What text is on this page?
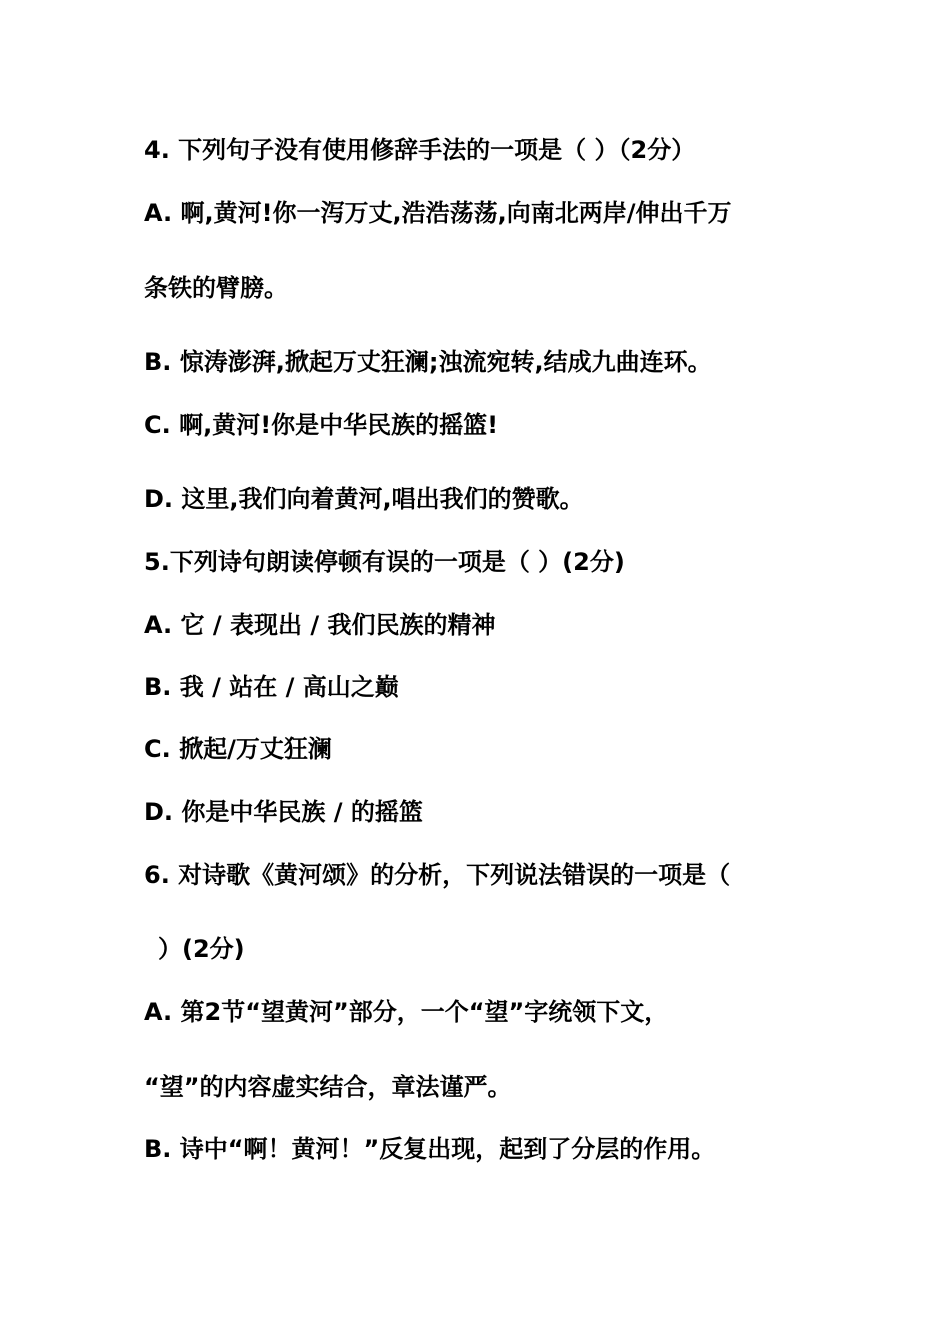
4. 下列句子没有使用修辞手法的一项是（ ）（2分）
A. 啊,黄河!你一泻万丈,浩浩荡荡,向南北两岸/伸出千万
条铁的臂膀。
B. 惊涛澎湃,掀起万丈狂澜;浊流宛转,结成九曲连环。
C. 啊,黄河!你是中华民族的摇篮!
D. 这里,我们向着黄河,唱出我们的赞歌。
5.下列诗句朗读停顿有误的一项是（ ）(2分)
A. 它 / 表现出 / 我们民族的精神
B. 我 / 站在 / 高山之巅
C. 掀起/万丈狂澜
D. 你是中华民族 / 的摇篮
6. 对诗歌《黄河颂》的分析，下列说法错误的一项是（
）(2分)
A. 第2节“望黄河”部分，一个“望”字统领下文，
“望”的内容虚实结合，章法谨严。
B. 诗中“啊！黄河！”反复出现，起到了分层的作用。
